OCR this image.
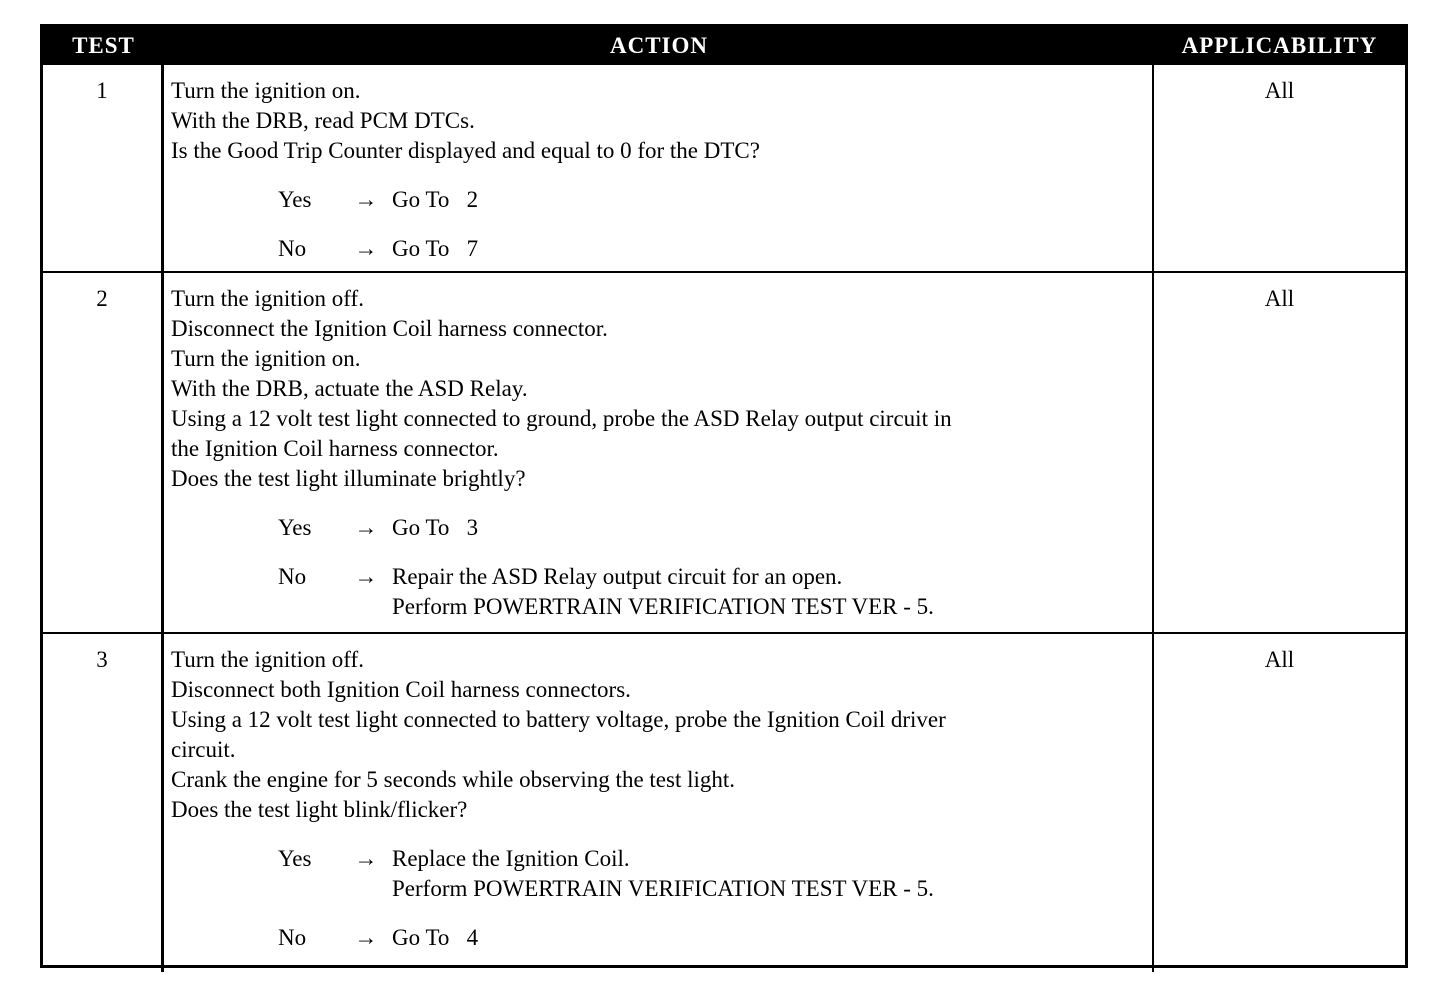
TEST	ACTION	APPLICABILITY
1	Turn the ignition on.
With the DRB, read PCM DTCs.
Is the Good Trip Counter displayed and equal to 0 for the DTC?
Yes	→ Go To   2
No	→ Go To   7
All
2	Turn the ignition off.
Disconnect the Ignition Coil harness connector.
Turn the ignition on.
With the DRB, actuate the ASD Relay.
Using a 12 volt test light connected to ground, probe the ASD Relay output circuit in
the Ignition Coil harness connector.
Does the test light illuminate brightly?
Yes	→ Go To   3
No	→ Repair the ASD Relay output circuit for an open.
Perform POWERTRAIN VERIFICATION TEST VER - 5.
All
3	Turn the ignition off.
Disconnect both Ignition Coil harness connectors.
Using a 12 volt test light connected to battery voltage, probe the Ignition Coil driver
circuit.
Crank the engine for 5 seconds while observing the test light.
Does the test light blink/flicker?
Yes	→ Replace the Ignition Coil.
Perform POWERTRAIN VERIFICATION TEST VER - 5.
No	→ Go To   4
All
